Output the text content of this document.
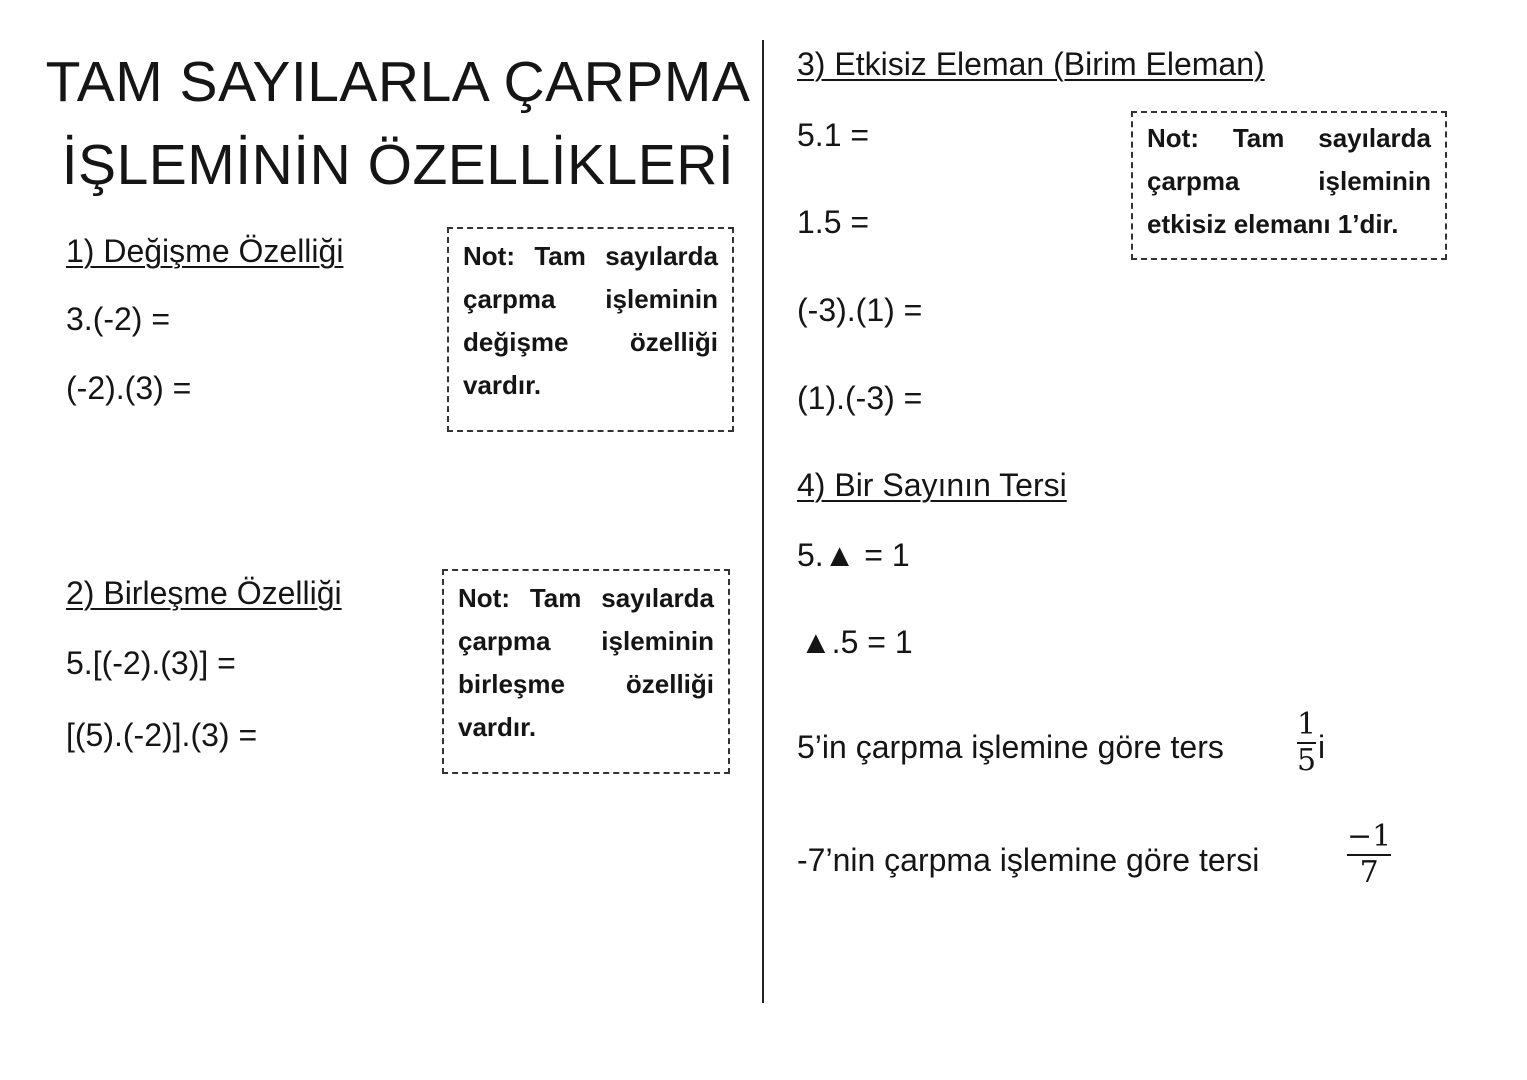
TAM SAYILARLA ÇARPMA
İŞLEMİNİN ÖZELLİKLERİ
1) Değişme Özelliği
3.(-2) =
(-2).(3) =
Not: Tam sayılarda çarpma işleminin değişme özelliği vardır.
2) Birleşme Özelliği
5.[(-2).(3)] =
[(5).(-2)].(3) =
Not: Tam sayılarda çarpma işleminin birleşme özelliği vardır.
3) Etkisiz Eleman (Birim Eleman)
5.1 =
1.5 =
(-3).(1) =
(1).(-3) =
Not: Tam sayılarda çarpma işleminin etkisiz elemanı 1’dir.
4) Bir Sayının Tersi
5.▲ = 1
▲.5 = 1
5’in çarpma işlemine göre ters
1
5 i
-7’nin çarpma işlemine göre tersi
−1
7
